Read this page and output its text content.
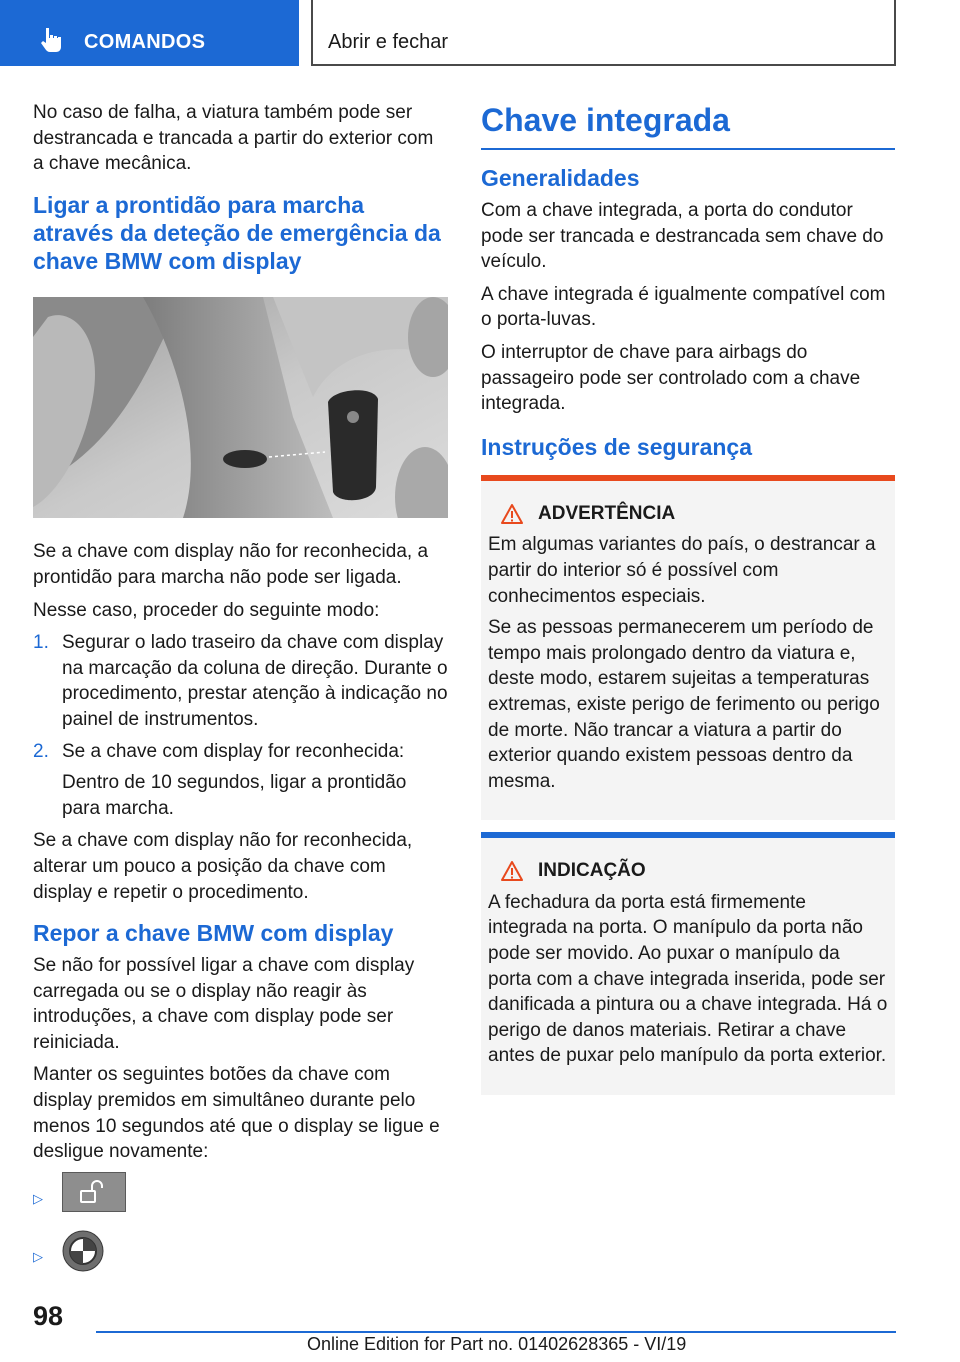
COMANDOS	Abrir e fechar

No caso de falha, a viatura também pode ser destrancada e trancada a partir do exterior com a chave mecânica.

Ligar a prontidão para marcha através da deteção de emergência da chave BMW com display

Se a chave com display não for reconhecida, a prontidão para marcha não pode ser ligada.

Nesse caso, proceder do seguinte modo:

1. Segurar o lado traseiro da chave com display na marcação da coluna de direção. Durante o procedimento, prestar atenção à indicação no painel de instrumentos.
2. Se a chave com display for reconhecida:

Dentro de 10 segundos, ligar a prontidão para marcha.

Se a chave com display não for reconhecida, alterar um pouco a posição da chave com display e repetir o procedimento.

Repor a chave BMW com display

Se não for possível ligar a chave com display carregada ou se o display não reagir às introduções, a chave com display pode ser reiniciada.

Manter os seguintes botões da chave com display premidos em simultâneo durante pelo menos 10 segundos até que o display se ligue e desligue novamente:

▷
▷
Chave integrada
Generalidades

Com a chave integrada, a porta do condutor pode ser trancada e destrancada sem chave do veículo.

A chave integrada é igualmente compatível com o porta-luvas.

O interruptor de chave para airbags do passageiro pode ser controlado com a chave integrada.

Instruções de segurança
ADVERTÊNCIA

Em algumas variantes do país, o destrancar a partir do interior só é possível com conhecimentos especiais.

Se as pessoas permanecerem um período de tempo mais prolongado dentro da viatura e, deste modo, estarem sujeitas a temperaturas extremas, existe perigo de ferimento ou perigo de morte. Não trancar a viatura a partir do exterior quando existem pessoas dentro da mesma.

INDICAÇÃO

A fechadura da porta está firmemente integrada na porta. O manípulo da porta não pode ser movido. Ao puxar o manípulo da porta com a chave integrada inserida, pode ser danificada a pintura ou a chave integrada. Há o perigo de danos materiais. Retirar a chave antes de puxar pelo manípulo da porta exterior.

98
Online Edition for Part no. 01402628365 - VI/19
